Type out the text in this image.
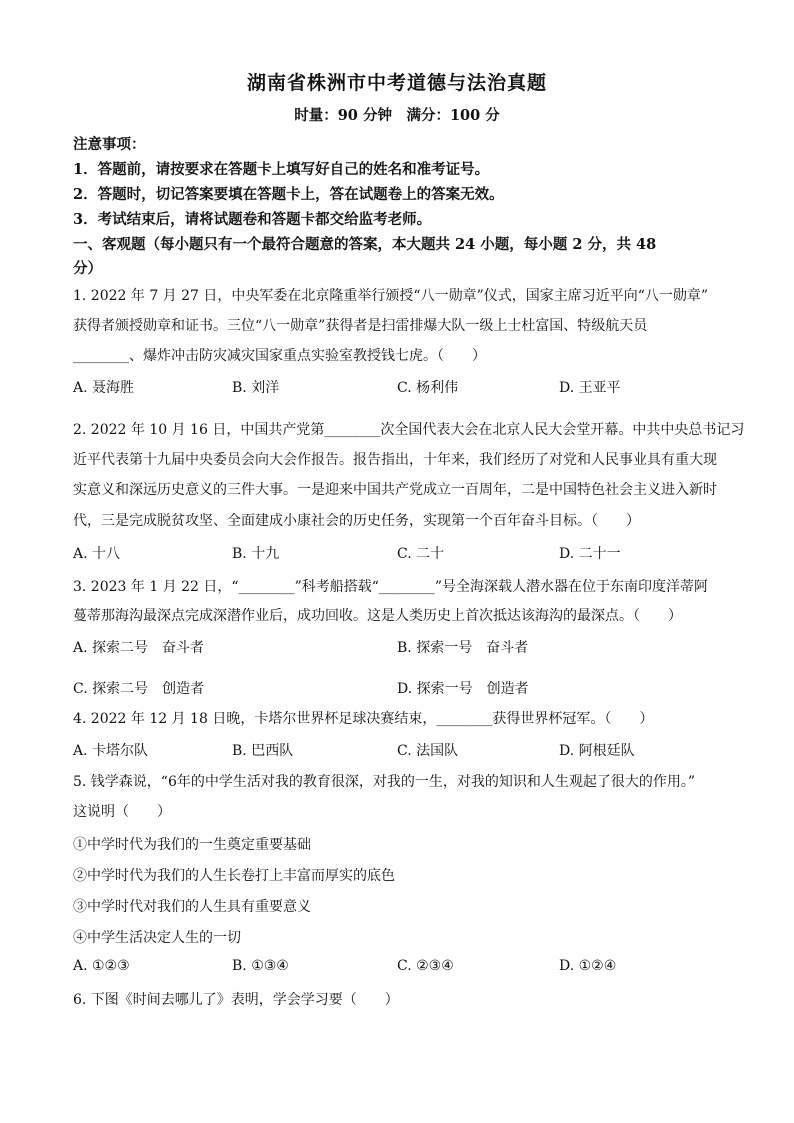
湖南省株洲市中考道德与法治真题
时量：90 分钟　满分：100 分
注意事项：
1．答题前，请按要求在答题卡上填写好自己的姓名和准考证号。
2．答题时，切记答案要填在答题卡上，答在试题卷上的答案无效。
3．考试结束后，请将试题卷和答题卡都交给监考老师。
一、客观题（每小题只有一个最符合题意的答案，本大题共 24 小题，每小题 2 分，共 48
分）
1. 2022 年 7 月 27 日，中央军委在北京隆重举行颁授“八一勋章”仪式，国家主席习近平向“八一勋章”
获得者颁授勋章和证书。三位“八一勋章”获得者是扫雷排爆大队一级上士杜富国、特级航天员
________、爆炸冲击防灾减灾国家重点实验室教授钱七虎。（　　）
A. 聂海胜	B. 刘洋	C. 杨利伟	D. 王亚平
2. 2022 年 10 月 16 日，中国共产党第________次全国代表大会在北京人民大会堂开幕。中共中央总书记习
近平代表第十九届中央委员会向大会作报告。报告指出，十年来，我们经历了对党和人民事业具有重大现
实意义和深远历史意义的三件大事。一是迎来中国共产党成立一百周年，二是中国特色社会主义进入新时
代，三是完成脱贫攻坚、全面建成小康社会的历史任务，实现第一个百年奋斗目标。（　　）
A. 十八	B. 十九	C. 二十	D. 二十一
3. 2023 年 1 月 22 日，“________”科考船搭载“________”号全海深载人潜水器在位于东南印度洋蒂阿
蔓蒂那海沟最深点完成深潜作业后，成功回收。这是人类历史上首次抵达该海沟的最深点。（　　）
A. 探索二号　奋斗者	B. 探索一号　奋斗者
C. 探索二号　创造者	D. 探索一号　创造者
4. 2022 年 12 月 18 日晚，卡塔尔世界杯足球决赛结束，________获得世界杯冠军。（　　）
A. 卡塔尔队	B. 巴西队	C. 法国队	D. 阿根廷队
5. 钱学森说，“6年的中学生活对我的教育很深，对我的一生，对我的知识和人生观起了很大的作用。”
这说明（　　）
①中学时代为我们的一生奠定重要基础
②中学时代为我们的人生长卷打上丰富而厚实的底色
③中学时代对我们的人生具有重要意义
④中学生活决定人生的一切
A. ①②③	B. ①③④	C. ②③④	D. ①②④
6. 下图《时间去哪儿了》表明，学会学习要（　　）
